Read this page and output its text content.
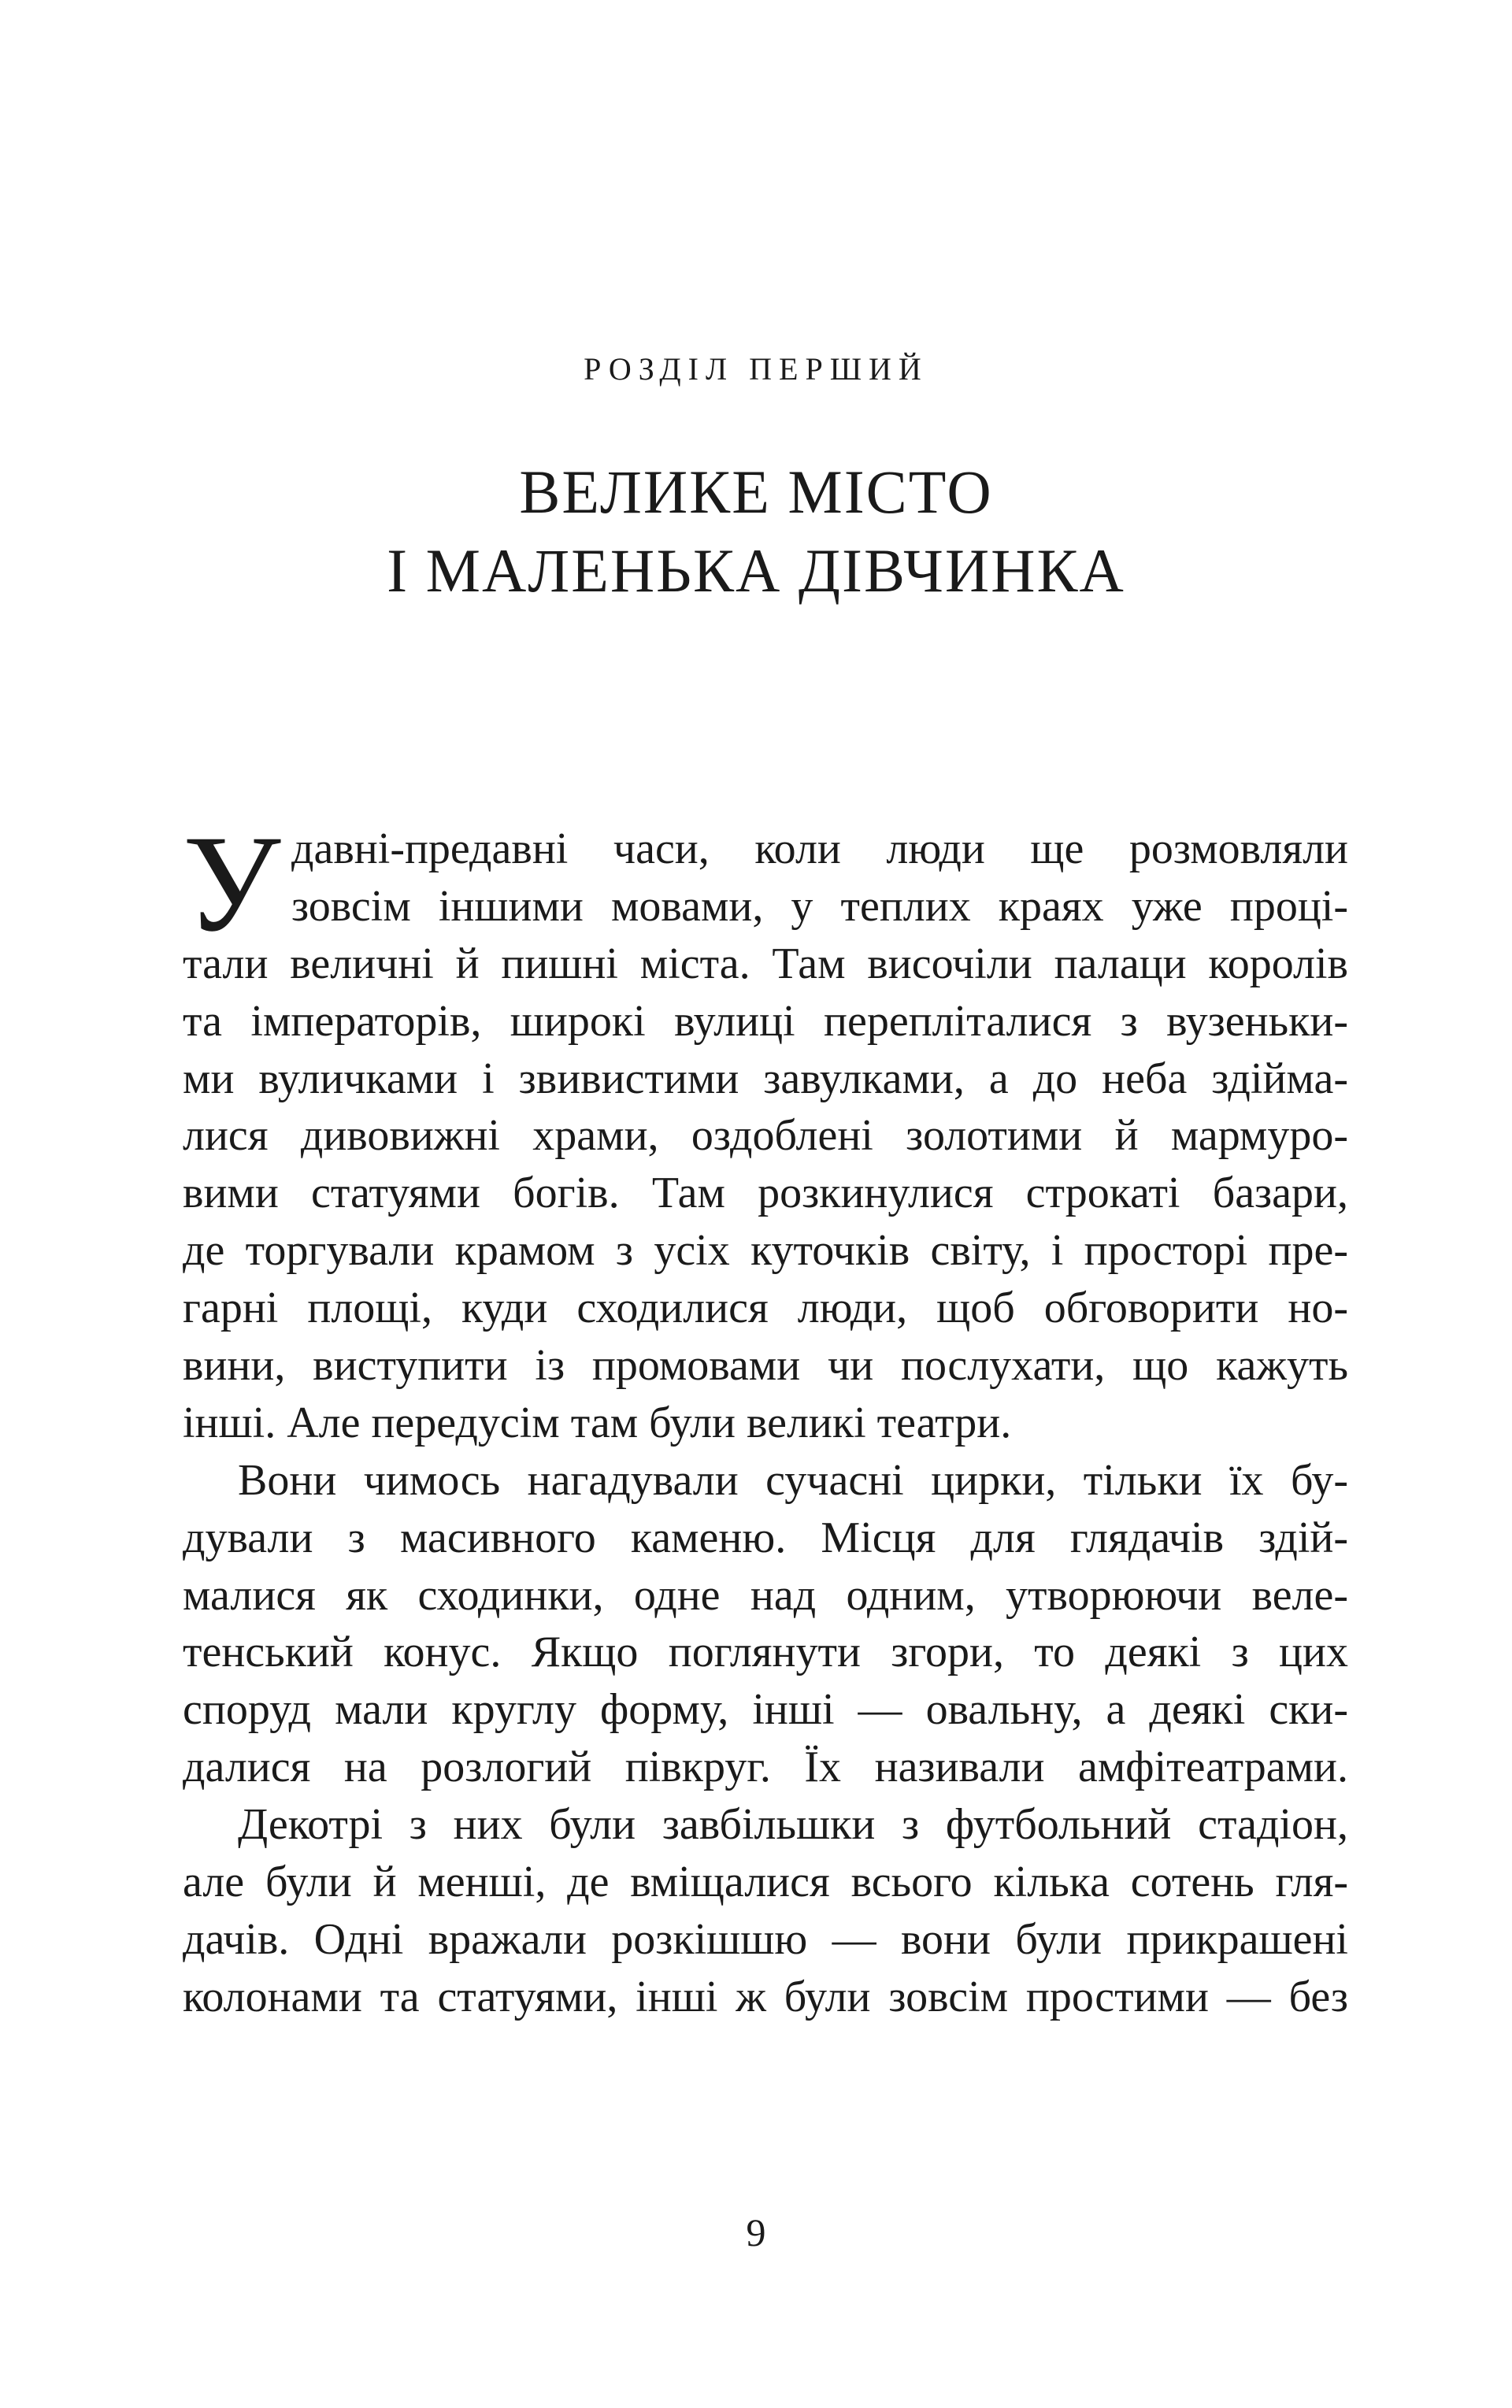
РОЗДІЛ ПЕРШИЙ
ВЕЛИКЕ МІСТО
І МАЛЕНЬКА ДІВЧИНКА
У давні-предавні часи, коли люди ще розмовляли
зовсім іншими мовами, у теплих краях уже проці-
тали величні й пишні міста. Там височіли палаци королів
та імператорів, широкі вулиці перепліталися з вузеньки-
ми вуличками і звивистими завулками, а до неба здійма-
лися дивовижні храми, оздоблені золотими й мармуро-
вими статуями богів. Там розкинулися строкаті базари,
де торгували крамом з усіх куточків світу, і просторі пре-
гарні площі, куди сходилися люди, щоб обговорити но-
вини, виступити із промовами чи послухати, що кажуть
інші. Але передусім там були великі театри.
Вони чимось нагадували сучасні цирки, тільки їх бу-
дували з масивного каменю. Місця для глядачів здій-
малися як сходинки, одне над одним, утворюючи веле-
тенський конус. Якщо поглянути згори, то деякі з цих
споруд мали круглу форму, інші — овальну, а деякі ски-
далися на розлогий півкруг. Їх називали амфітеатрами.
Декотрі з них були завбільшки з футбольний стадіон,
але були й менші, де вміщалися всього кілька сотень гля-
дачів. Одні вражали розкішшю — вони були прикрашені
колонами та статуями, інші ж були зовсім простими — без
9
